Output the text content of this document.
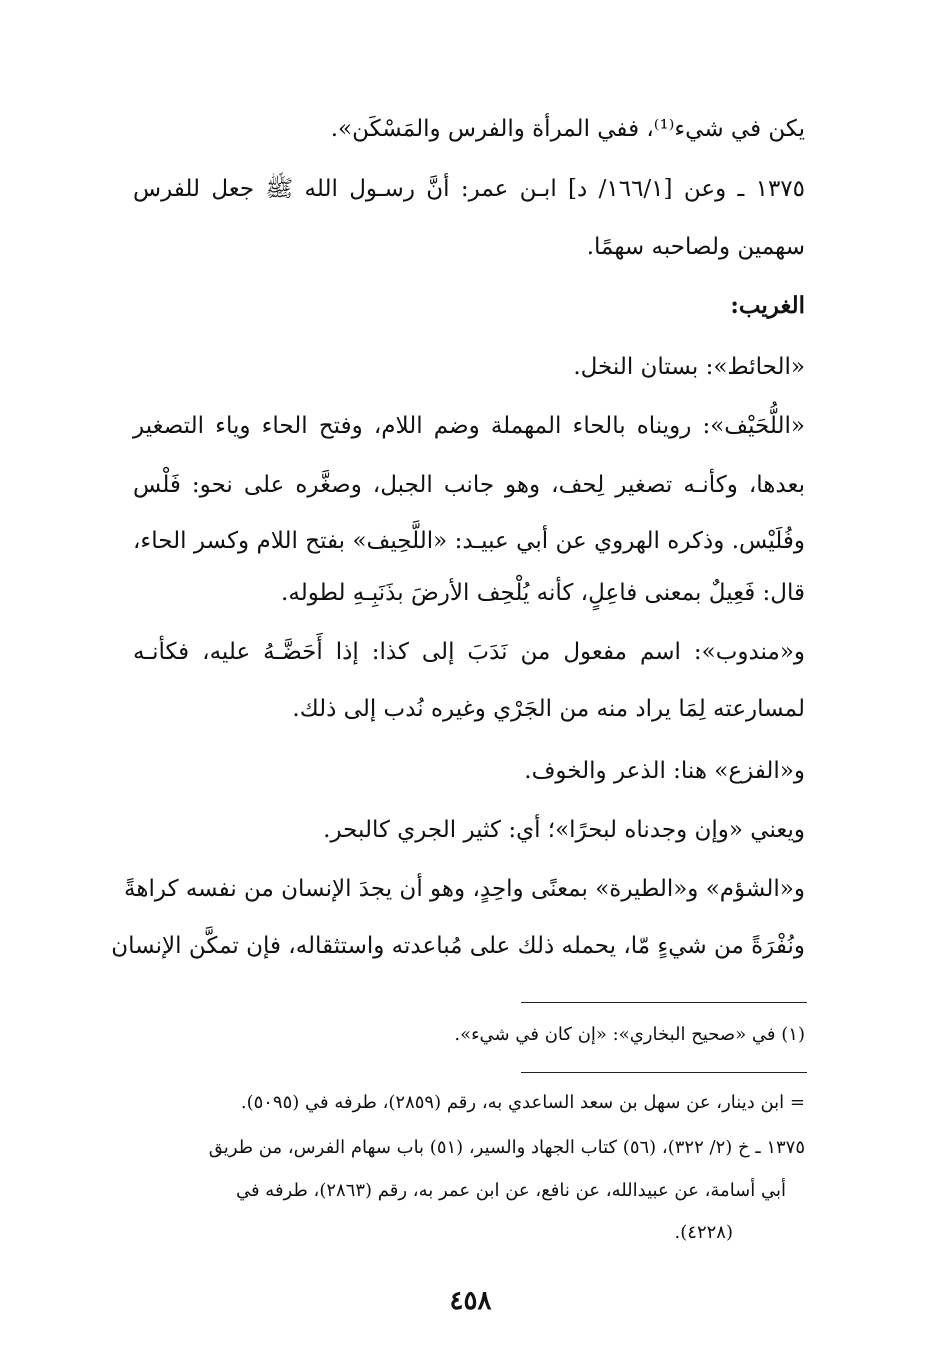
يكن في شيء⁽¹⁾، ففي المرأة والفرس والمَسْكَن».
١٣٧٥ ـ وعن [١٦٦/١/ د] ابـن عمر: أنَّ رسـول الله ﷺ جعل للفرس
سهمين ولصاحبه سهمًا.
الغريب:
«الحائط»: بستان النخل.
«اللُّحَيْف»: رويناه بالحاء المهملة وضم اللام، وفتح الحاء وياء التصغير
بعدها، وكأنـه تصغير لِحف، وهو جانب الجبل، وصغَّره على نحو: فَلْس
وفُلَيْس. وذكره الهروي عن أبي عبيـد: «اللَّحِيف» بفتح اللام وكسر الحاء،
قال: فَعِيلٌ بمعنى فاعِلٍ، كأنه يُلْحِف الأرضَ بذَنَبِـهِ لطوله.
و«مندوب»: اسم مفعول من نَدَبَ إلى كذا: إذا أَحَضَّـهُ عليه، فكأنـه
لمسارعته لِمَا يراد منه من الجَرْي وغيره نُدب إلى ذلك.
و«الفزع» هنا: الذعر والخوف.
ويعني «وإن وجدناه لبحرًا»؛ أي: كثير الجري كالبحر.
و«الشؤم» و«الطيرة» بمعنًى واحِدٍ، وهو أن يجدَ الإنسان من نفسه كراهةً
ونُفْرَةً من شيءٍ مّا، يحمله ذلك على مُباعدته واستثقاله، فإن تمكَّن الإنسان
(١) في «صحيح البخاري»: «إن كان في شيء».
= ابن دينار، عن سهل بن سعد الساعدي به، رقم (٢٨٥٩)، طرفه في (٥٠٩٥).
١٣٧٥ ـ خ (٢/ ٣٢٢)، (٥٦) كتاب الجهاد والسير، (٥١) باب سهام الفرس، من طريق
أبي أسامة، عن عبيدالله، عن نافع، عن ابن عمر به، رقم (٢٨٦٣)، طرفه في
(٤٢٢٨).
٤٥٨
